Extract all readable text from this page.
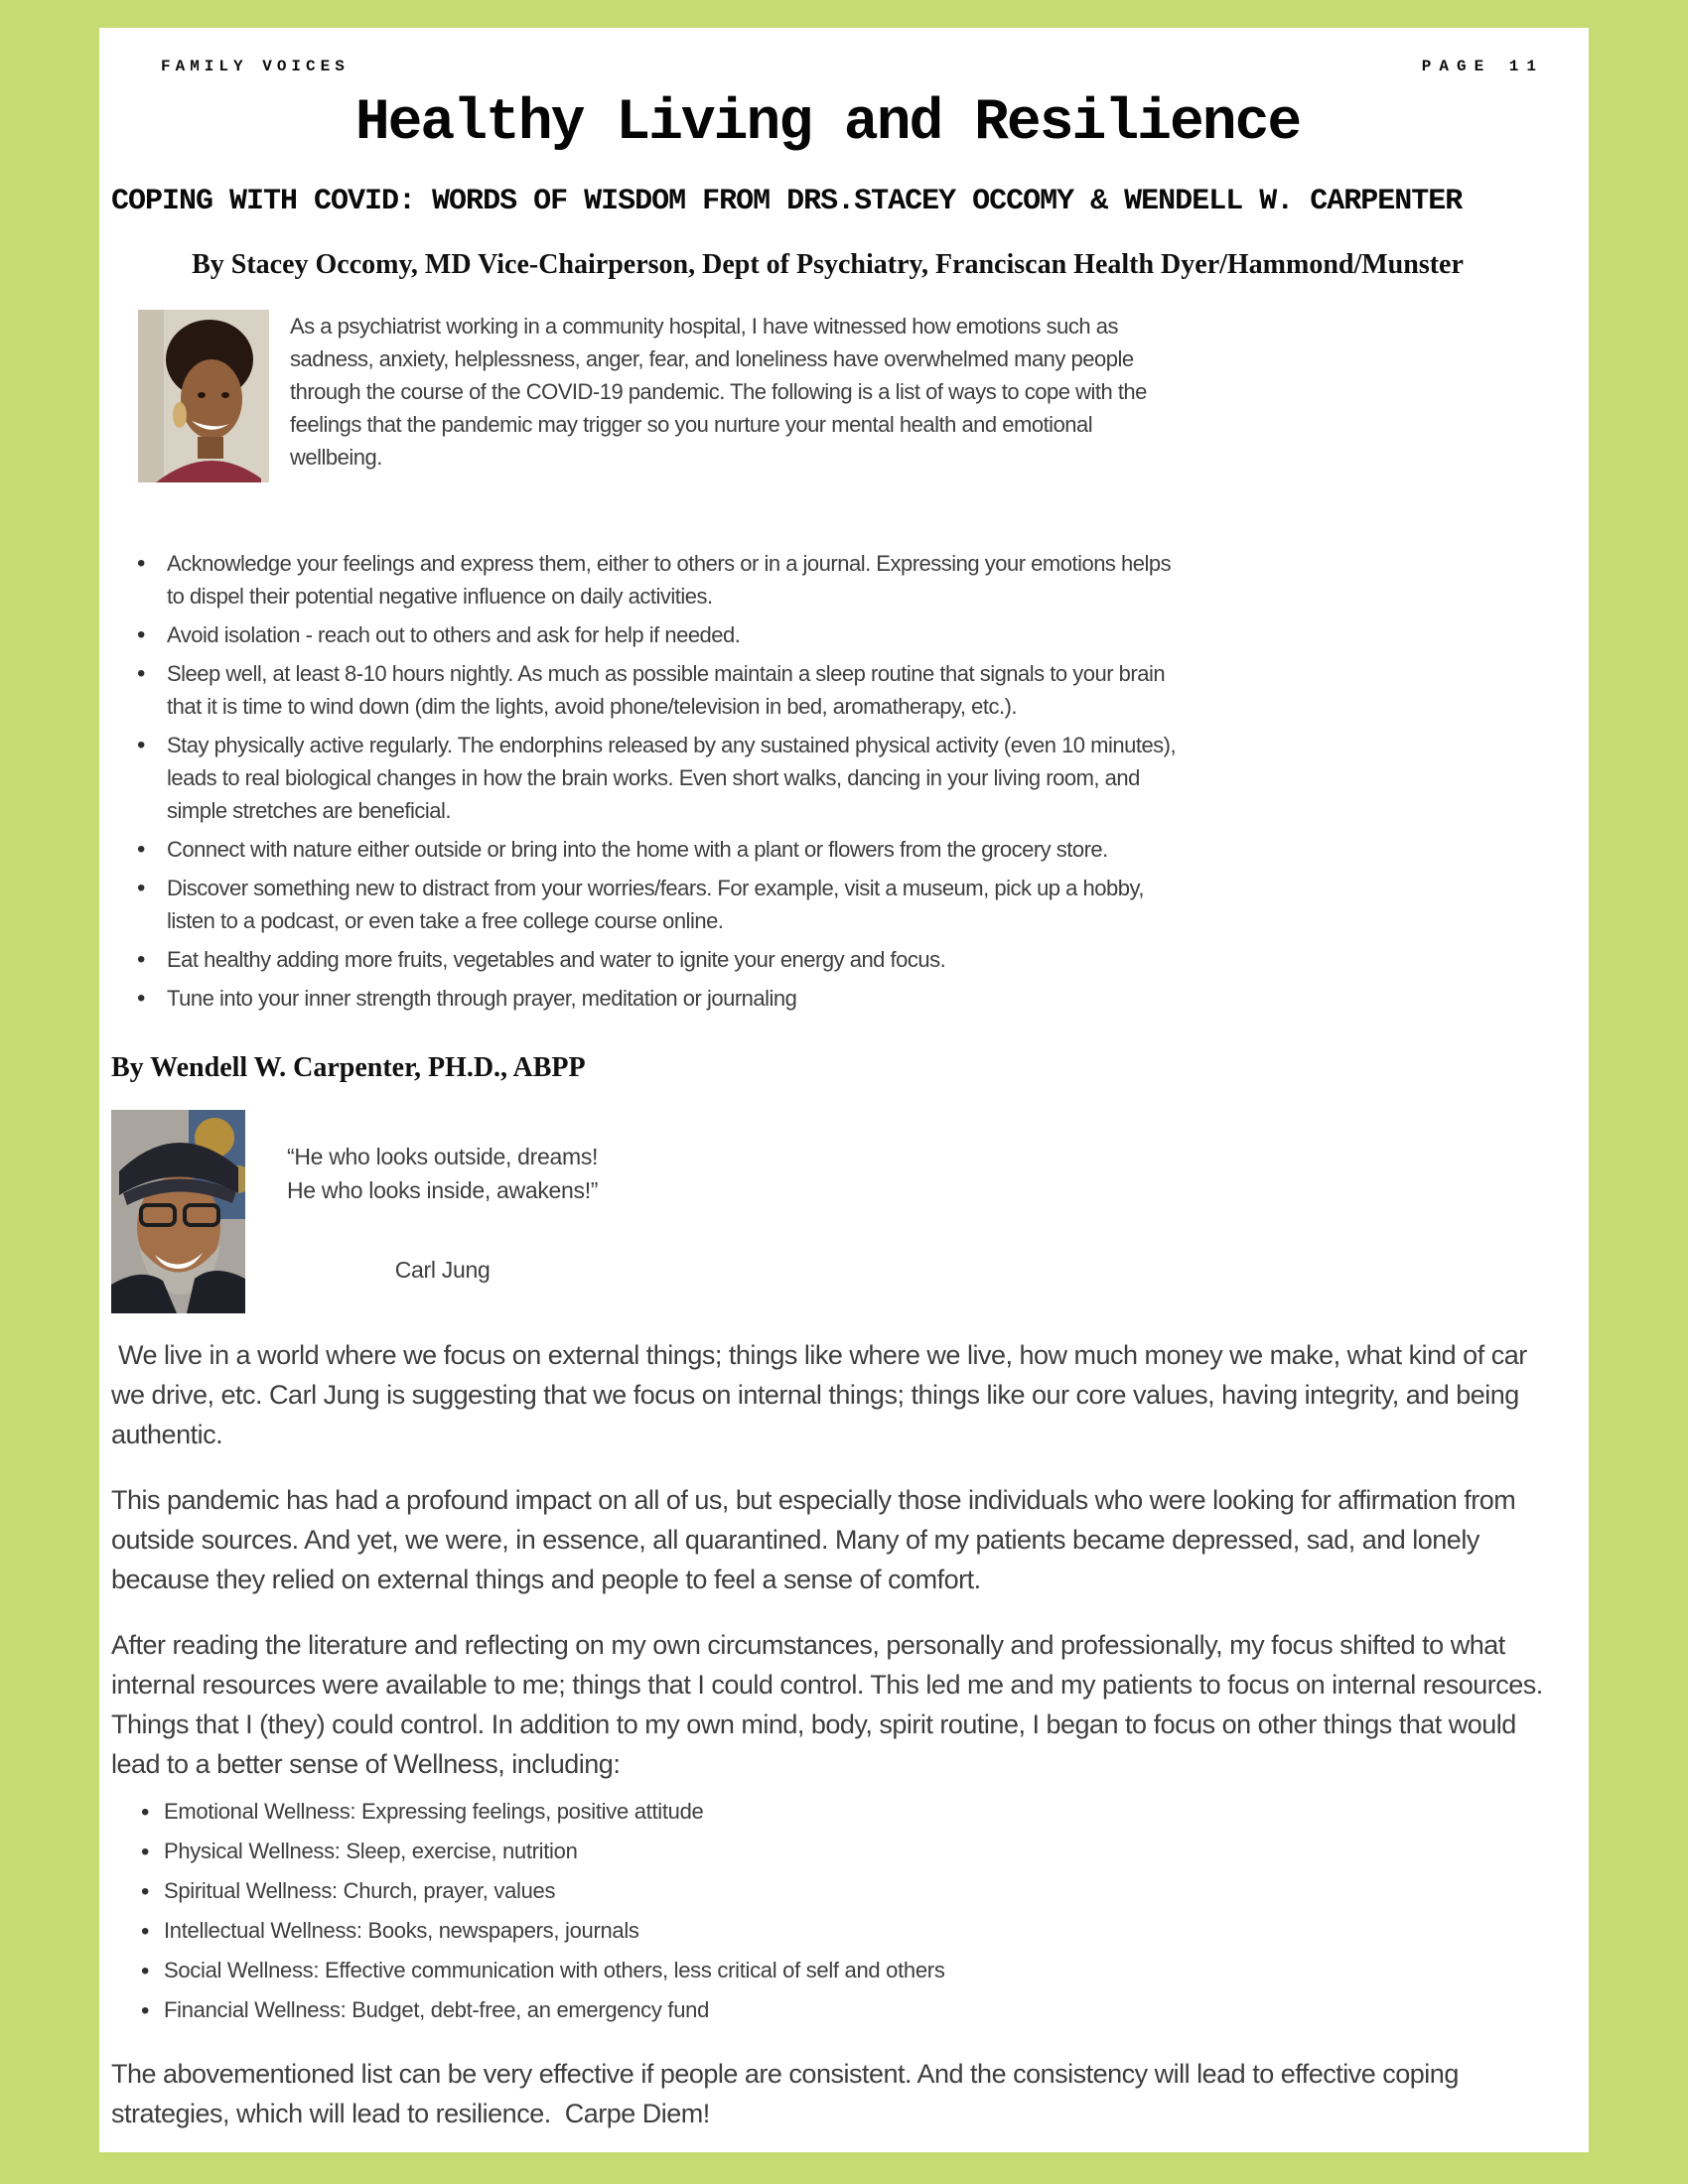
FAMILY VOICES	PAGE 11
Healthy Living and Resilience
COPING WITH COVID: WORDS OF WISDOM FROM DRS.STACEY OCCOMY & WENDELL W. CARPENTER
By Stacey Occomy, MD Vice-Chairperson, Dept of Psychiatry, Franciscan Health Dyer/Hammond/Munster
As a psychiatrist working in a community hospital, I have witnessed how emotions such as sadness, anxiety, helplessness, anger, fear, and loneliness have overwhelmed many people through the course of the COVID-19 pandemic. The following is a list of ways to cope with the feelings that the pandemic may trigger so you nurture your mental health and emotional wellbeing.
• Acknowledge your feelings and express them, either to others or in a journal. Expressing your emotions helps to dispel their potential negative influence on daily activities.
• Avoid isolation - reach out to others and ask for help if needed.
• Sleep well, at least 8-10 hours nightly. As much as possible maintain a sleep routine that signals to your brain that it is time to wind down (dim the lights, avoid phone/television in bed, aromatherapy, etc.).
• Stay physically active regularly. The endorphins released by any sustained physical activity (even 10 minutes), leads to real biological changes in how the brain works. Even short walks, dancing in your living room, and simple stretches are beneficial.
• Connect with nature either outside or bring into the home with a plant or flowers from the grocery store.
• Discover something new to distract from your worries/fears. For example, visit a museum, pick up a hobby, listen to a podcast, or even take a free college course online.
• Eat healthy adding more fruits, vegetables and water to ignite your energy and focus.
• Tune into your inner strength through prayer, meditation or journaling
By Wendell W. Carpenter, PH.D., ABPP
“He who looks outside, dreams!
He who looks inside, awakens!”
Carl Jung

We live in a world where we focus on external things; things like where we live, how much money we make, what kind of car we drive, etc. Carl Jung is suggesting that we focus on internal things; things like our core values, having integrity, and being authentic.

This pandemic has had a profound impact on all of us, but especially those individuals who were looking for affirmation from outside sources. And yet, we were, in essence, all quarantined. Many of my patients became depressed, sad, and lonely because they relied on external things and people to feel a sense of comfort.

After reading the literature and reflecting on my own circumstances, personally and professionally, my focus shifted to what internal resources were available to me; things that I could control. This led me and my patients to focus on internal resources. Things that I (they) could control. In addition to my own mind, body, spirit routine, I began to focus on other things that would lead to a better sense of Wellness, including:

• Emotional Wellness: Expressing feelings, positive attitude
• Physical Wellness: Sleep, exercise, nutrition
• Spiritual Wellness: Church, prayer, values
• Intellectual Wellness: Books, newspapers, journals
• Social Wellness: Effective communication with others, less critical of self and others
• Financial Wellness: Budget, debt-free, an emergency fund

The abovementioned list can be very effective if people are consistent. And the consistency will lead to effective coping strategies, which will lead to resilience.  Carpe Diem!
